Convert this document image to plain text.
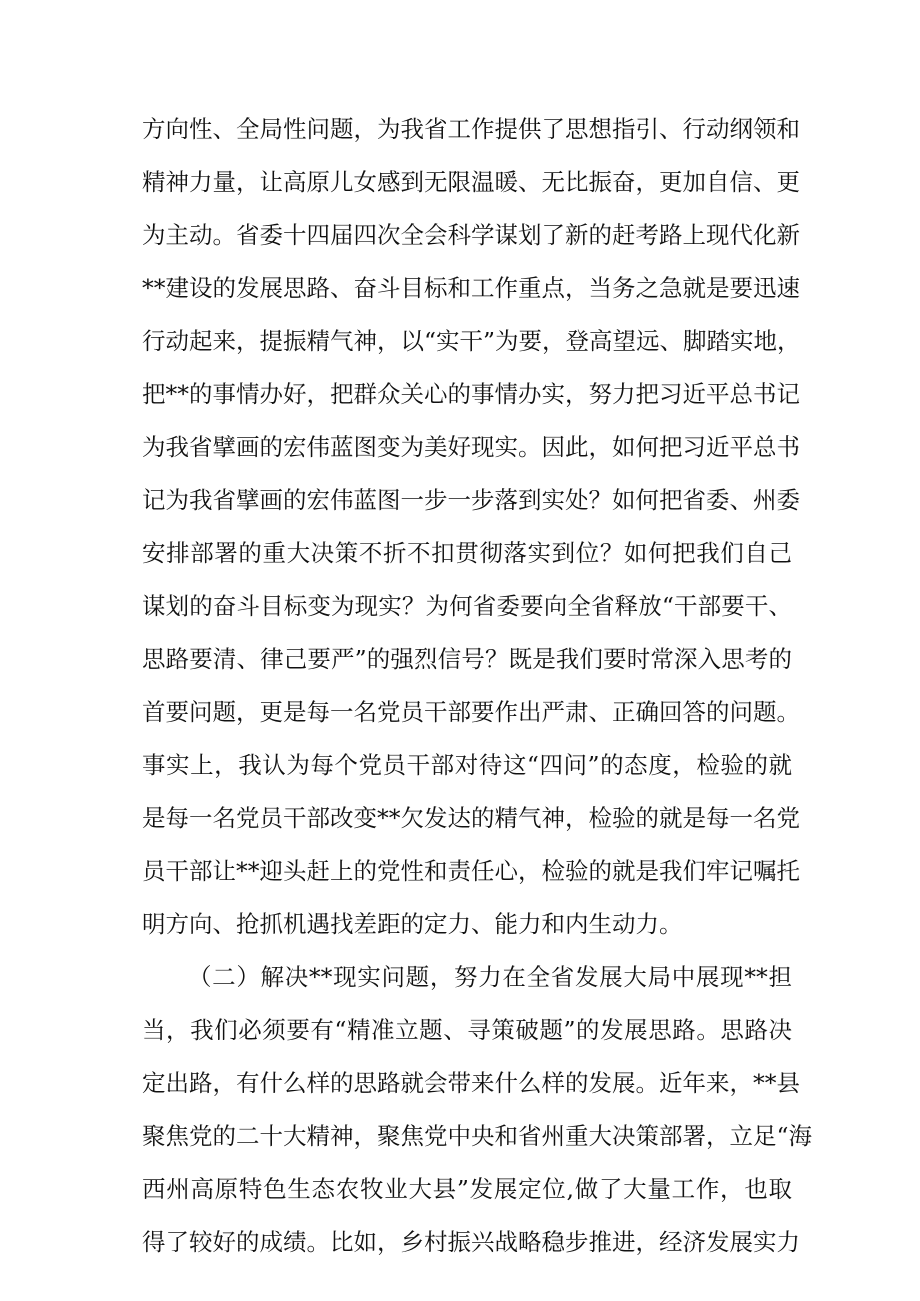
方向性、全局性问题，为我省工作提供了思想指引、行动纲领和
精神力量，让高原儿女感到无限温暖、无比振奋，更加自信、更
为主动。省委十四届四次全会科学谋划了新的赶考路上现代化新
**建设的发展思路、奋斗目标和工作重点，当务之急就是要迅速
行动起来，提振精气神，以“实干”为要，登高望远、脚踏实地，
把**的事情办好，把群众关心的事情办实，努力把习近平总书记
为我省擘画的宏伟蓝图变为美好现实。因此，如何把习近平总书
记为我省擘画的宏伟蓝图一步一步落到实处？如何把省委、州委
安排部署的重大决策不折不扣贯彻落实到位？如何把我们自己
谋划的奋斗目标变为现实？为何省委要向全省释放“干部要干、
思路要清、律己要严”的强烈信号？既是我们要时常深入思考的
首要问题，更是每一名党员干部要作出严肃、正确回答的问题。
事实上，我认为每个党员干部对待这“四问”的态度，检验的就
是每一名党员干部改变**欠发达的精气神，检验的就是每一名党
员干部让**迎头赶上的党性和责任心，检验的就是我们牢记嘱托
明方向、抢抓机遇找差距的定力、能力和内生动力。
（二）解决**现实问题，努力在全省发展大局中展现**担
当，我们必须要有“精准立题、寻策破题”的发展思路。思路决
定出路，有什么样的思路就会带来什么样的发展。近年来，**县
聚焦党的二十大精神，聚焦党中央和省州重大决策部署，立足“海
西州高原特色生态农牧业大县”发展定位,做了大量工作，也取
得了较好的成绩。比如，乡村振兴战略稳步推进，经济发展实力
